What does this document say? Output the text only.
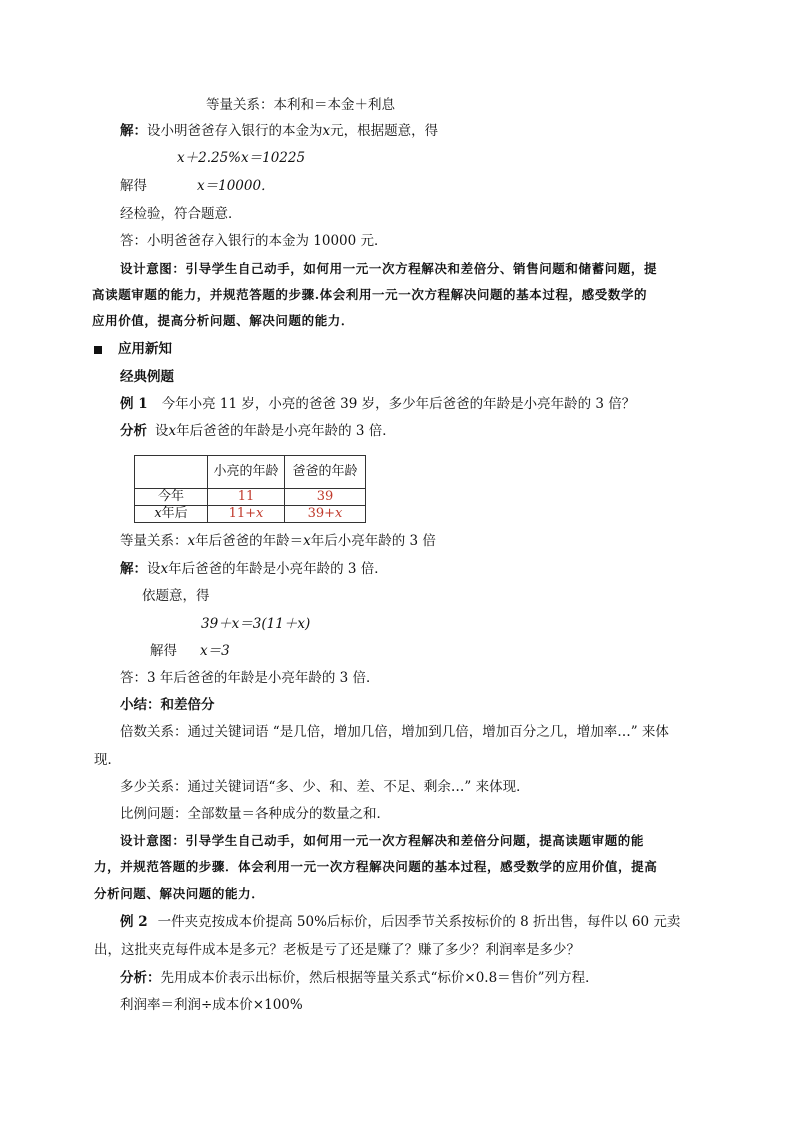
等量关系：本利和＝本金＋利息
解：设小明爸爸存入银行的本金为x元，根据题意，得
x＋2.25%x＝10225
解得	x＝10000．
经检验，符合题意．
答：小明爸爸存入银行的本金为 10000 元．
设计意图：引导学生自己动手，如何用一元一次方程解决和差倍分、销售问题和储蓄问题，提
高读题审题的能力，并规范答题的步骤.体会利用一元一次方程解决问题的基本过程，感受数学的
应用价值，提高分析问题、解决问题的能力．
应用新知
经典例题
例 1 今年小亮 11 岁，小亮的爸爸 39 岁，多少年后爸爸的年龄是小亮年龄的 3 倍？
分析 设x年后爸爸的年龄是小亮年龄的 3 倍．
	小亮的年龄	爸爸的年龄
今年	11	39
x年后	11+x	39+x
等量关系：x年后爸爸的年龄＝x年后小亮年龄的 3 倍
解：设x年后爸爸的年龄是小亮年龄的 3 倍．
依题意，得
39＋x＝3(11＋x)
解得 x＝3
答：3 年后爸爸的年龄是小亮年龄的 3 倍．
小结：和差倍分
倍数关系：通过关键词语 “是几倍，增加几倍，增加到几倍，增加百分之几，增加率…” 来体
现．
多少关系：通过关键词语“多、少、和、差、不足、剩余…” 来体现．
比例问题：全部数量＝各种成分的数量之和．
设计意图：引导学生自己动手，如何用一元一次方程解决和差倍分问题，提高读题审题的能
力，并规范答题的步骤．体会利用一元一次方程解决问题的基本过程，感受数学的应用价值，提高
分析问题、解决问题的能力．
例 2 一件夹克按成本价提高 50%后标价，后因季节关系按标价的 8 折出售，每件以 60 元卖
出，这批夹克每件成本是多元？老板是亏了还是赚了？赚了多少？利润率是多少？
分析：先用成本价表示出标价，然后根据等量关系式“标价×0.8＝售价”列方程．
利润率＝利润÷成本价×100%
